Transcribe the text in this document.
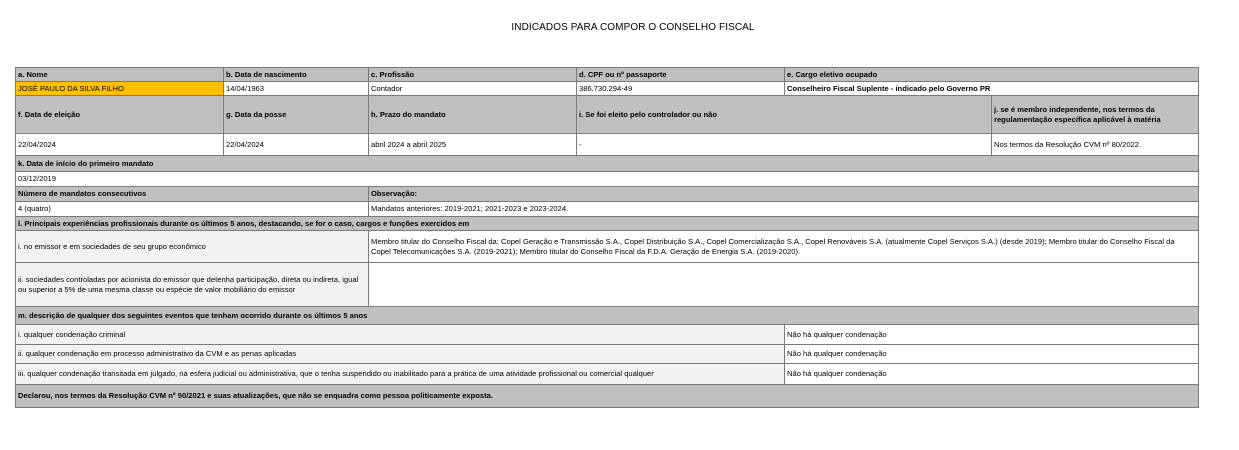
INDICADOS PARA COMPOR O CONSELHO FISCAL
a. Nome	b. Data de nascimento	c. Profissão	d. CPF ou nº passaporte	e. Cargo eletivo ocupado	
JOSÉ PAULO DA SILVA FILHO	14/04/1963	Contador	386.730.294-49	Conselheiro Fiscal Suplente - indicado pelo Governo PR	
f. Data de eleição	g. Data da posse	h. Prazo do mandato	i. Se foi eleito pelo controlador ou não		j. se é membro independente, nos termos da regulamentação específica aplicável à matéria
22/04/2024	22/04/2024	abril 2024 a abril 2025	-		Nos termos da Resolução CVM nº 80/2022.
k. Data de início do primeiro mandato					
03/12/2019					
Número de mandatos consecutivos		Observação:			
4 (quatro)		Mandatos anteriores: 2019-2021; 2021-2023 e 2023-2024.			
l. Principais experiências profissionais durante os últimos 5 anos, destacando, se for o caso, cargos e funções exercidos em					
i. no emissor e em sociedades de seu grupo econômico		Membro titular do Conselho Fiscal da: Copel Geração e Transmissão S.A., Copel Distribuição S.A., Copel Comercialização S.A., Copel Renováveis S.A. (atualmente Copel Serviços S.A.) (desde 2019); Membro titular do Conselho Fiscal da Copel Telecomunicações S.A. (2019-2021); Membro titular do Conselho Fiscal da F.D.A. Geração de Energia S.A. (2019-2020).			
ii. sociedades controladas por acionista do emissor que detenha participação, direta ou indireta, igual ou superior a 5% de uma mesma classe ou espécie de valor mobiliário do emissor					
m. descrição de qualquer dos seguintes eventos que tenham ocorrido durante os últimos 5 anos					
i. qualquer condenação criminal				Não há qualquer condenação	
ii. qualquer condenação em processo administrativo da CVM e as penas aplicadas				Não há qualquer condenação	
iii. qualquer condenação transitada em julgado, na esfera judicial ou administrativa, que o tenha suspendido ou inabilitado para a prática de uma atividade profissional ou comercial qualquer				Não há qualquer condenação	
Declarou, nos termos da Resolução CVM nº 50/2021 e suas atualizações, que não se enquadra como pessoa politicamente exposta.					
